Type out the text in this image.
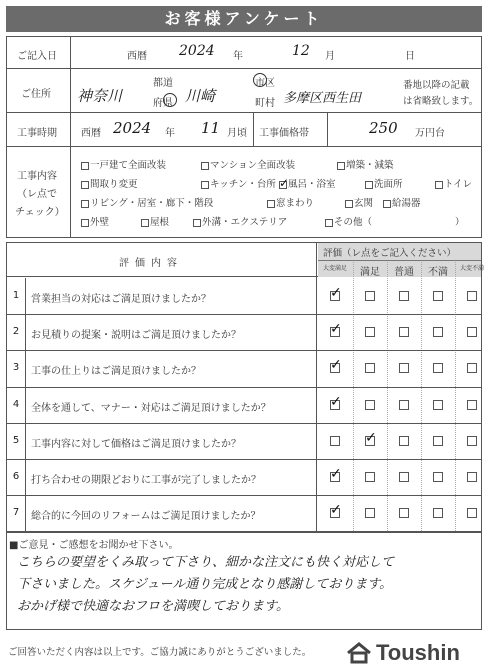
お客様アンケート
ご記入日	西暦 2024 年	12 月	日
ご住所 神奈川
都道
府県 川崎
市区
町村 多摩区西生田
番地以降の記載
は省略致します。
工事時期 西暦 2024 年 11 月頃 工事価格帯	250 万円台
工事内容
（レ点で
チェック）
一戸建て全面改装	マンション全面改装	増築・減築
間取り変更	キッチン・台所
✓	風呂・浴室	洗面所	トイレ
リビング・居室・廊下・階段	窓まわり	玄関	給湯器
外壁	屋根	外溝・エクステリア	その他（	）
評価内容
評価（レ点をご記入ください）
大変満足	満足	普通	不満	大変不満
1	営業担当の対応はご満足頂けましたか？
✓
2	お見積りの提案・説明はご満足頂けましたか？
✓
3	工事の仕上りはご満足頂けましたか？
✓
4	全体を通して、マナー・対応はご満足頂けましたか？
✓
5	工事内容に対して価格はご満足頂けましたか？
✓
6	打ち合わせの期限どおりに工事が完了しましたか？
✓
7	総合的に今回のリフォームはご満足頂けましたか？
✓
■ご意見・ご感想をお聞かせ下さい。
こちらの要望をくみ取って下さり、細かな注文にも快く対応して
下さいました。スケジュール通り完成となり感謝しております。
おかげ様で快適なおフロを満喫しております。
ご回答いただく内容は以上です。ご協力誠にありがとうございました。	Toushin
